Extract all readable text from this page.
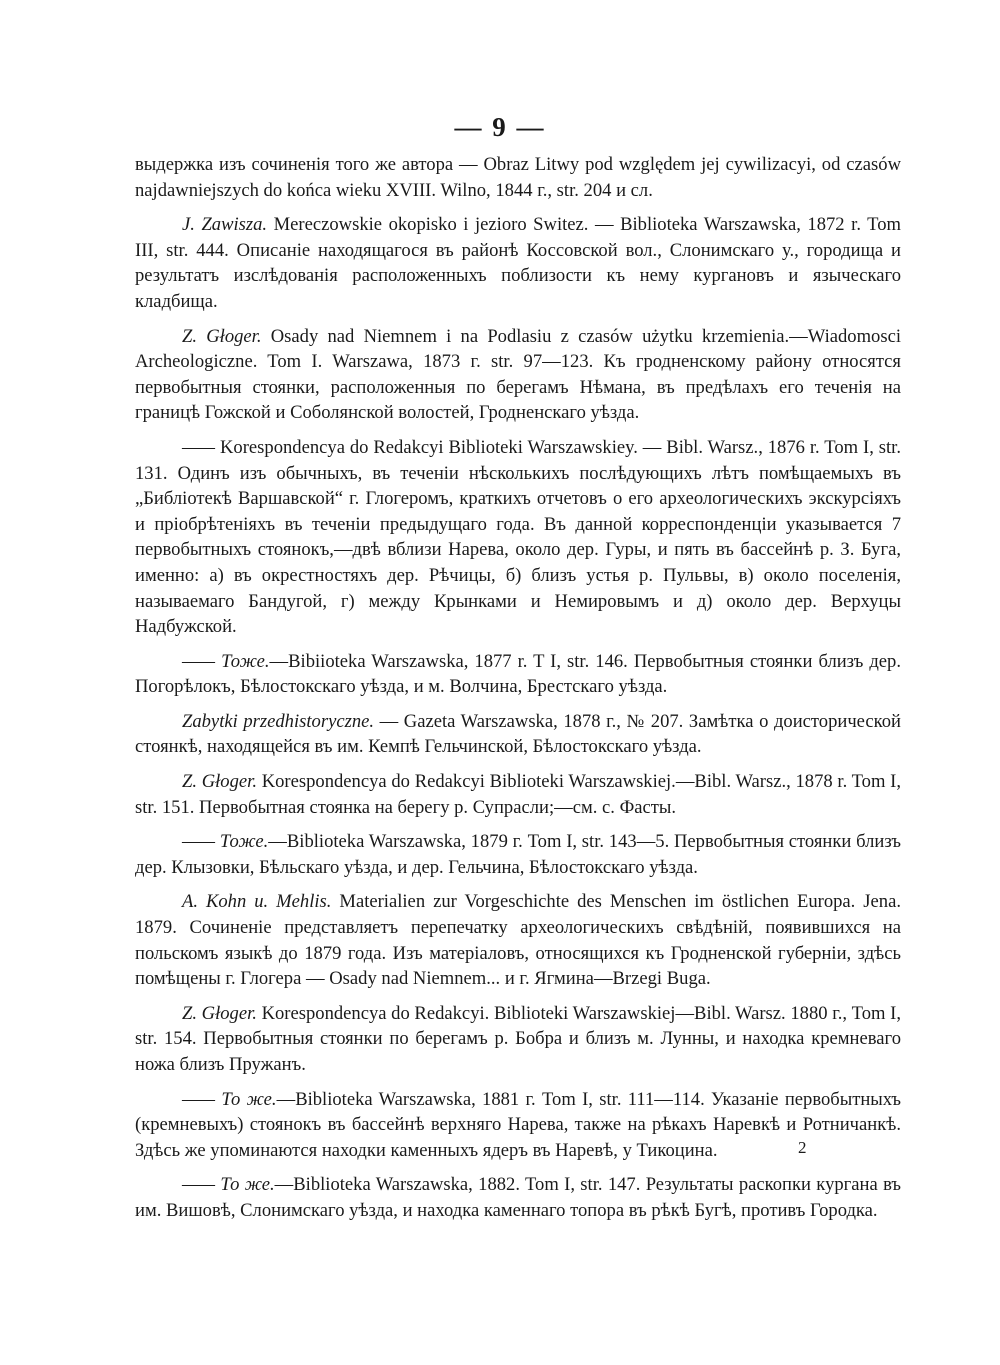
— 9 —

выдержка изъ сочиненія того же автора — Obraz Litwy pod względem jej cywilizacyi, od czasów najdawniejszych do końca wieku XVIII. Wilno, 1844 г., str. 204 и сл.

J. Zawisza. Mereczowskie okopisko i jezioro Switez. — Biblioteka Warszawska, 1872 r. Tom III, str. 444. Описаніе находящагося въ районѣ Коссовской вол., Слонимскаго у., городища и результатъ изслѣдованія расположенныхъ поблизости къ нему кургановъ и языческаго кладбища.

Z. Głoger. Osady nad Niemnem i na Podlasiu z czasów użytku krzemienia.—Wiadomosci Archeologiczne. Tom I. Warszawa, 1873 г. str. 97—123. Къ гродненскому району относятся первобытныя стоянки, расположенныя по берегамъ Нѣмана, въ предѣлахъ его теченія на границѣ Гожской и Соболянской волостей, Гродненскаго уѣзда.

—— Korespondencya do Redakcyi Biblioteki Warszawskiey. — Bibl. Warsz., 1876 r. Tom I, str. 131. Одинъ изъ обычныхъ, въ теченіи нѣсколькихъ послѣдующихъ лѣтъ помѣщаемыхъ въ „Библіотекѣ Варшавской“ г. Глогеромъ, краткихъ отчетовъ о его археологическихъ экскурсіяхъ и пріобрѣтеніяхъ въ теченіи предыдущаго года. Въ данной корреспонденціи указывается 7 первобытныхъ стоянокъ,—двѣ вблизи Нарева, около дер. Гуры, и пять въ бассейнѣ р. З. Буга, именно: а) въ окрестностяхъ дер. Рѣчицы, б) близъ устья р. Пульвы, в) около поселенія, называемаго Бандугой, г) между Крынками и Немировымъ и д) около дер. Верхуцы Надбужской.

—— Тоже.—Bibiioteka Warszawska, 1877 r. T I, str. 146. Первобытныя стоянки близъ дер. Погорѣлокъ, Бѣлостокскаго уѣзда, и м. Волчина, Брестскаго уѣзда.

Zabytki przedhistoryczne. — Gazeta Warszawska, 1878 г., № 207. Замѣтка о доисторической стоянкѣ, находящейся въ им. Кемпѣ Гельчинской, Бѣлостокскаго уѣзда.

Z. Głoger. Korespondencya do Redakcyi Biblioteki Warszawskiej.—Bibl. Warsz., 1878 r. Tom I, str. 151. Первобытная стоянка на берегу р. Супрасли;—см. с. Фасты.

—— Тоже.—Biblioteka Warszawska, 1879 г. Tom I, str. 143—5. Первобытныя стоянки близъ дер. Клызовки, Бѣльскаго уѣзда, и дер. Гельчина, Бѣлостокскаго уѣзда.

A. Kohn u. Mehlis. Materialien zur Vorgeschichte des Menschen im östlichen Europa. Jena. 1879. Сочиненіе представляетъ перепечатку археологическихъ свѣдѣній, появившихся на польскомъ языкѣ до 1879 года. Изъ матеріаловъ, относящихся къ Гродненской губерніи, здѣсь помѣщены г. Глогера — Osady nad Niemnem... и г. Ягмина—Brzegi Buga.

Z. Głoger. Korespondencya do Redakcyi. Biblioteki Warszawskiej—Bibl. Warsz. 1880 г., Tom I, str. 154. Первобытныя стоянки по берегамъ р. Бобра и близъ м. Лунны, и находка кремневаго ножа близъ Пружанъ.

—— То же.—Biblioteka Warszawska, 1881 г. Tom I, str. 111—114. Указаніе первобытныхъ (кремневыхъ) стоянокъ въ бассейнѣ верхняго Нарева, также на рѣкахъ Наревкѣ и Ротничанкѣ. Здѣсь же упоминаются находки каменныхъ ядеръ въ Наревѣ, у Тикоцина.

—— То же.—Biblioteka Warszawska, 1882. Tom I, str. 147. Результаты раскопки кургана въ им. Вишовѣ, Слонимскаго уѣзда, и находка каменнаго топора въ рѣкѣ Бугѣ, противъ Городка.

2
